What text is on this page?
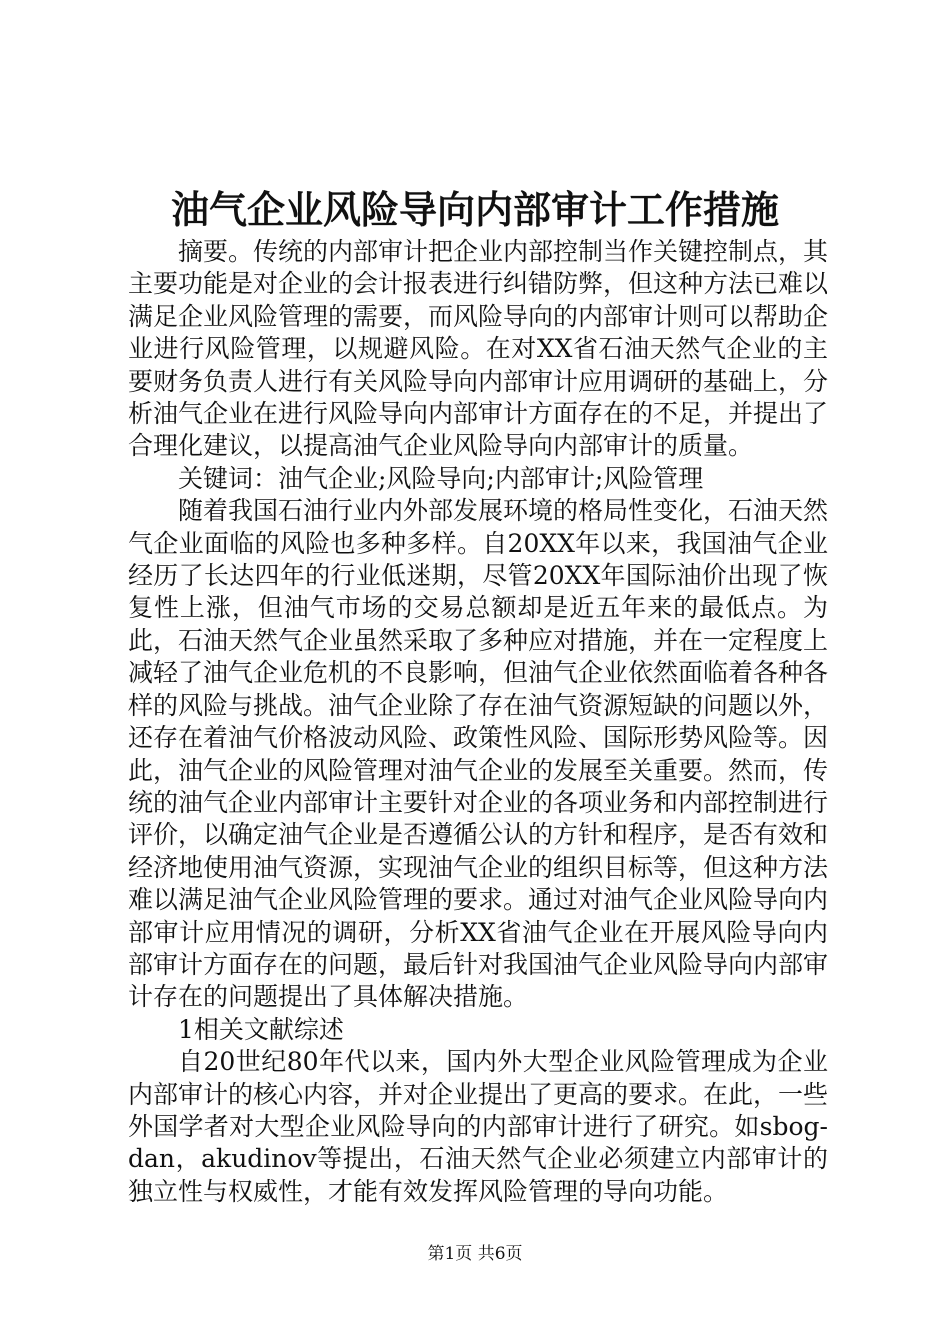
油气企业风险导向内部审计工作措施

摘要。传统的内部审计把企业内部控制当作关键控制点，其主要功能是对企业的会计报表进行纠错防弊，但这种方法已难以满足企业风险管理的需要，而风险导向的内部审计则可以帮助企业进行风险管理，以规避风险。在对XX省石油天然气企业的主要财务负责人进行有关风险导向内部审计应用调研的基础上，分析油气企业在进行风险导向内部审计方面存在的不足，并提出了合理化建议，以提高油气企业风险导向内部审计的质量。

关键词：油气企业;风险导向;内部审计;风险管理

随着我国石油行业内外部发展环境的格局性变化，石油天然气企业面临的风险也多种多样。自20XX年以来，我国油气企业经历了长达四年的行业低迷期，尽管20XX年国际油价出现了恢复性上涨，但油气市场的交易总额却是近五年来的最低点。为此，石油天然气企业虽然采取了多种应对措施，并在一定程度上减轻了油气企业危机的不良影响，但油气企业依然面临着各种各样的风险与挑战。油气企业除了存在油气资源短缺的问题以外，还存在着油气价格波动风险、政策性风险、国际形势风险等。因此，油气企业的风险管理对油气企业的发展至关重要。然而，传统的油气企业内部审计主要针对企业的各项业务和内部控制进行评价，以确定油气企业是否遵循公认的方针和程序，是否有效和经济地使用油气资源，实现油气企业的组织目标等，但这种方法难以满足油气企业风险管理的要求。通过对油气企业风险导向内部审计应用情况的调研，分析XX省油气企业在开展风险导向内部审计方面存在的问题，最后针对我国油气企业风险导向内部审计存在的问题提出了具体解决措施。

1相关文献综述

自20世纪80年代以来，国内外大型企业风险管理成为企业内部审计的核心内容，并对企业提出了更高的要求。在此，一些外国学者对大型企业风险导向的内部审计进行了研究。如sbog-dan，akudinov等提出，石油天然气企业必须建立内部审计的独立性与权威性，才能有效发挥风险管理的导向功能。

第1页 共6页
